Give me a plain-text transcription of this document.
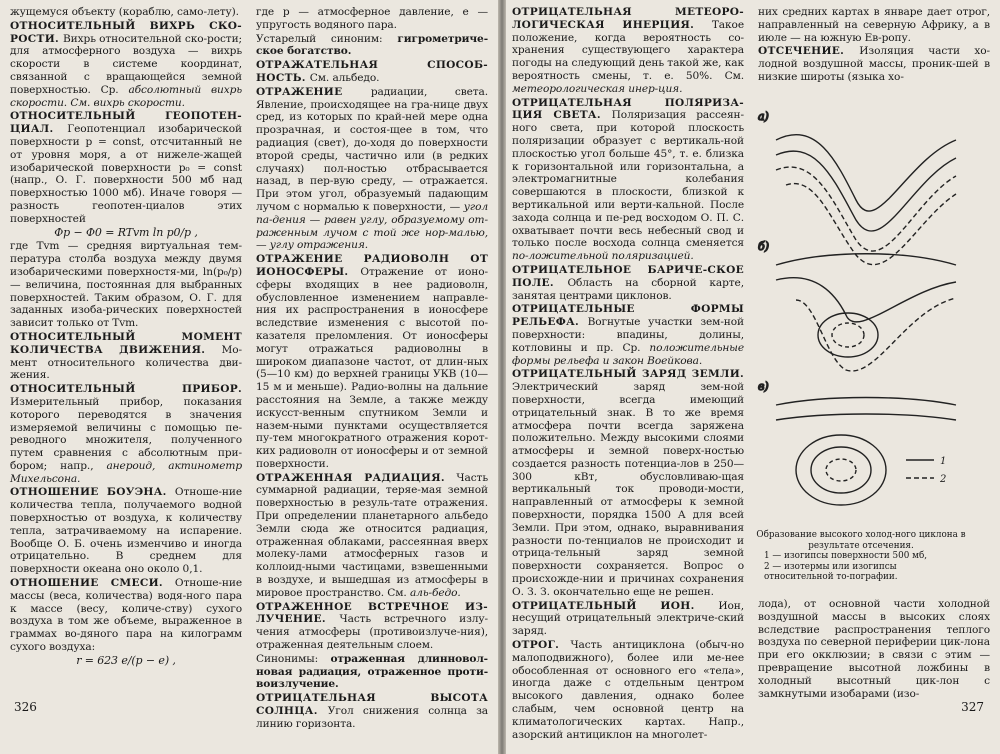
жущемуся объекту (кораблю, само-лету).

ОТНОСИТЕЛЬНЫЙ ВИХРЬ СКО-РОСТИ. Вихрь относительной ско-рости; для атмосферного воздуха — вихрь скорости в системе координат, связанной с вращающейся земной поверхностью. Ср. абсолютный вихрь скорости. См. вихрь скорости.

ОТНОСИТЕЛЬНЫЙ ГЕОПОТЕН-ЦИАЛ. Геопотенциал изобарической поверхности p = const, отсчитанный не от уровня моря, а от нижеле-жащей изобарической поверхности p₀ = const (напр., О. Г. поверхности 500 мб над поверхностью 1000 мб). Иначе говоря — разность геопотен-циалов этих поверхностей

Φp − Φ0 = RTvm ln p0/p ,

где Tvm — средняя виртуальная тем-пература столба воздуха между двумя изобарическими поверхностя-ми, ln(p₀/p) — величина, постоянная для выбранных поверхностей. Таким образом, О. Г. для заданных изоба-рических поверхностей зависит только от Tvm.

ОТНОСИТЕЛЬНЫЙ МОМЕНТ КОЛИЧЕСТВА ДВИЖЕНИЯ. Мо-мент относительного количества дви-жения.

ОТНОСИТЕЛЬНЫЙ ПРИБОР. Измерительный прибор, показания которого переводятся в значения измеряемой величины с помощью пе-реводного множителя, полученного путем сравнения с абсолютным при-бором; напр., анероид, актинометр Михельсона.

ОТНОШЕНИЕ БОУЭНА. Отноше-ние количества тепла, получаемого водной поверхностью от воздуха, к количеству тепла, затрачиваемому на испарение. Вообще О. Б. очень изменчиво и иногда отрицательно. В среднем для поверхности океана оно около 0,1.

ОТНОШЕНИЕ СМЕСИ. Отноше-ние массы (веса, количества) водя-ного пара к массе (весу, количе-ству) сухого воздуха в том же объеме, выраженное в граммах во-дяного пара на килограмм сухого воздуха:

r = 623 e/(p − e) ,

где p — атмосферное давление, e — упругость водяного пара.

Устарелый синоним: гигрометриче-ское богатство.

ОТРАЖАТЕЛЬНАЯ СПОСОБ-НОСТЬ. См. альбедо.

ОТРАЖЕНИЕ радиации, света. Явление, происходящее на гра-нице двух сред, из которых по край-ней мере одна прозрачная, и состоя-щее в том, что радиация (свет), до-ходя до поверхности второй среды, частично или (в редких случаях) пол-ностью отбрасывается назад, в пер-вую среду, — отражается. При этом угол, образуемый падающим лучом с нормалью к поверхности, — угол па-дения — равен углу, образуемому от-раженным лучом с той же нор-малью, — углу отражения.

ОТРАЖЕНИЕ РАДИОВОЛН ОТ ИОНОСФЕРЫ. Отражение от ионо-сферы входящих в нее радиоволн, обусловленное изменением направле-ния их распространения в ионосфере вследствие изменения с высотой по-казателя преломления. От ионосферы могут отражаться радиоволны в широком диапазоне частот, от длин-ных (5—10 км) до верхней границы УКВ (10—15 м и меньше). Радио-волны на дальние расстояния на Земле, а также между искусст-венным спутником Земли и назем-ными пунктами осуществляется пу-тем многократного отражения корот-ких радиоволн от ионосферы и от земной поверхности.

ОТРАЖЕННАЯ РАДИАЦИЯ. Часть суммарной радиации, теряе-мая земной поверхностью в резуль-тате отражения. При определении планетарного альбедо Земли сюда же относится радиация, отраженная облаками, рассеянная вверх молеку-лами атмосферных газов и коллоид-ными частицами, взвешенными в воздухе, и вышедшая из атмосферы в мировое пространство. См. аль-бедо.

ОТРАЖЕННОЕ ВСТРЕЧНОЕ ИЗ-ЛУЧЕНИЕ. Часть встречного излу-чения атмосферы (противоизлуче-ния), отраженная деятельным слоем.

Синонимы: отраженная длинновол-новая радиация, отраженное проти-воизлучение.

ОТРИЦАТЕЛЬНАЯ ВЫСОТА СОЛНЦА. Угол снижения солнца за линию горизонта.

326

ОТРИЦАТЕЛЬНАЯ МЕТЕОРО-ЛОГИЧЕСКАЯ ИНЕРЦИЯ. Такое положение, когда вероятность со-хранения существующего характера погоды на следующий день такой же, как вероятность смены, т. е. 50%. См. метеорологическая инер-ция.

ОТРИЦАТЕЛЬНАЯ ПОЛЯРИЗА-ЦИЯ СВЕТА. Поляризация рассеян-ного света, при которой плоскость поляризации образует с вертикаль-ной плоскостью угол больше 45°, т. е. близка к горизонтальной или горизонтальна, а электромагнитные колебания совершаются в плоскости, близкой к вертикальной или верти-кальной. После захода солнца и пе-ред восходом О. П. С. охватывает почти весь небесный свод и только после восхода солнца сменяется по-ложительной поляризацией.

ОТРИЦАТЕЛЬНОЕ БАРИЧЕ-СКОЕ ПОЛЕ. Область на сборной карте, занятая центрами циклонов.

ОТРИЦАТЕЛЬНЫЕ ФОРМЫ РЕЛЬЕФА. Вогнутые участки зем-ной поверхности: впадины, долины, котловины и пр. Ср. положительные формы рельефа и закон Воейкова.

ОТРИЦАТЕЛЬНЫЙ ЗАРЯД ЗЕМЛИ. Электрический заряд зем-ной поверхности, всегда имеющий отрицательный знак. В то же время атмосфера почти всегда заряжена положительно. Между высокими слоями атмосферы и земной поверх-ностью создается разность потенциа-лов в 250—300 кВт, обусловливаю-щая вертикальный ток проводи-мости, направленный от атмосферы к земной поверхности, порядка 1500 А для всей Земли. При этом, однако, выравнивания разности по-тенциалов не происходит и отрица-тельный заряд земной поверхности сохраняется. Вопрос о происхожде-нии и причинах сохранения О. З. З. окончательно еще не решен.

ОТРИЦАТЕЛЬНЫЙ ИОН. Ион, несущий отрицательный электриче-ский заряд.

ОТРОГ. Часть антициклона (обыч-но малоподвижного), более или ме-нее обособленная от основного его «тела», иногда даже с отдельным центром высокого давления, однако более слабым, чем основной центр на климатологических картах. Напр., азорский антициклон на многолет-

них средних картах в январе дает отрог, направленный на северную Африку, а в июле — на южную Ев-ропу.

ОТСЕЧЕНИЕ. Изоляция части хо-лодной воздушной массы, проник-шей в низкие широты (языка хо-

а)
б)
в)
1
2
Образование высокого холод-ного циклона в результате отсечения.
1 — изогипсы поверхности 500 мб,
2 — изотермы или изогипсы относительной то-пографии.

лода), от основной части холодной воздушной массы в высоких слоях вследствие распространения теплого воздуха по северной периферии цик-лона при его окклюзии; в связи с этим — превращение высотной ложбины в холодный высотный цик-лон с замкнутыми изобарами (изо-

327
